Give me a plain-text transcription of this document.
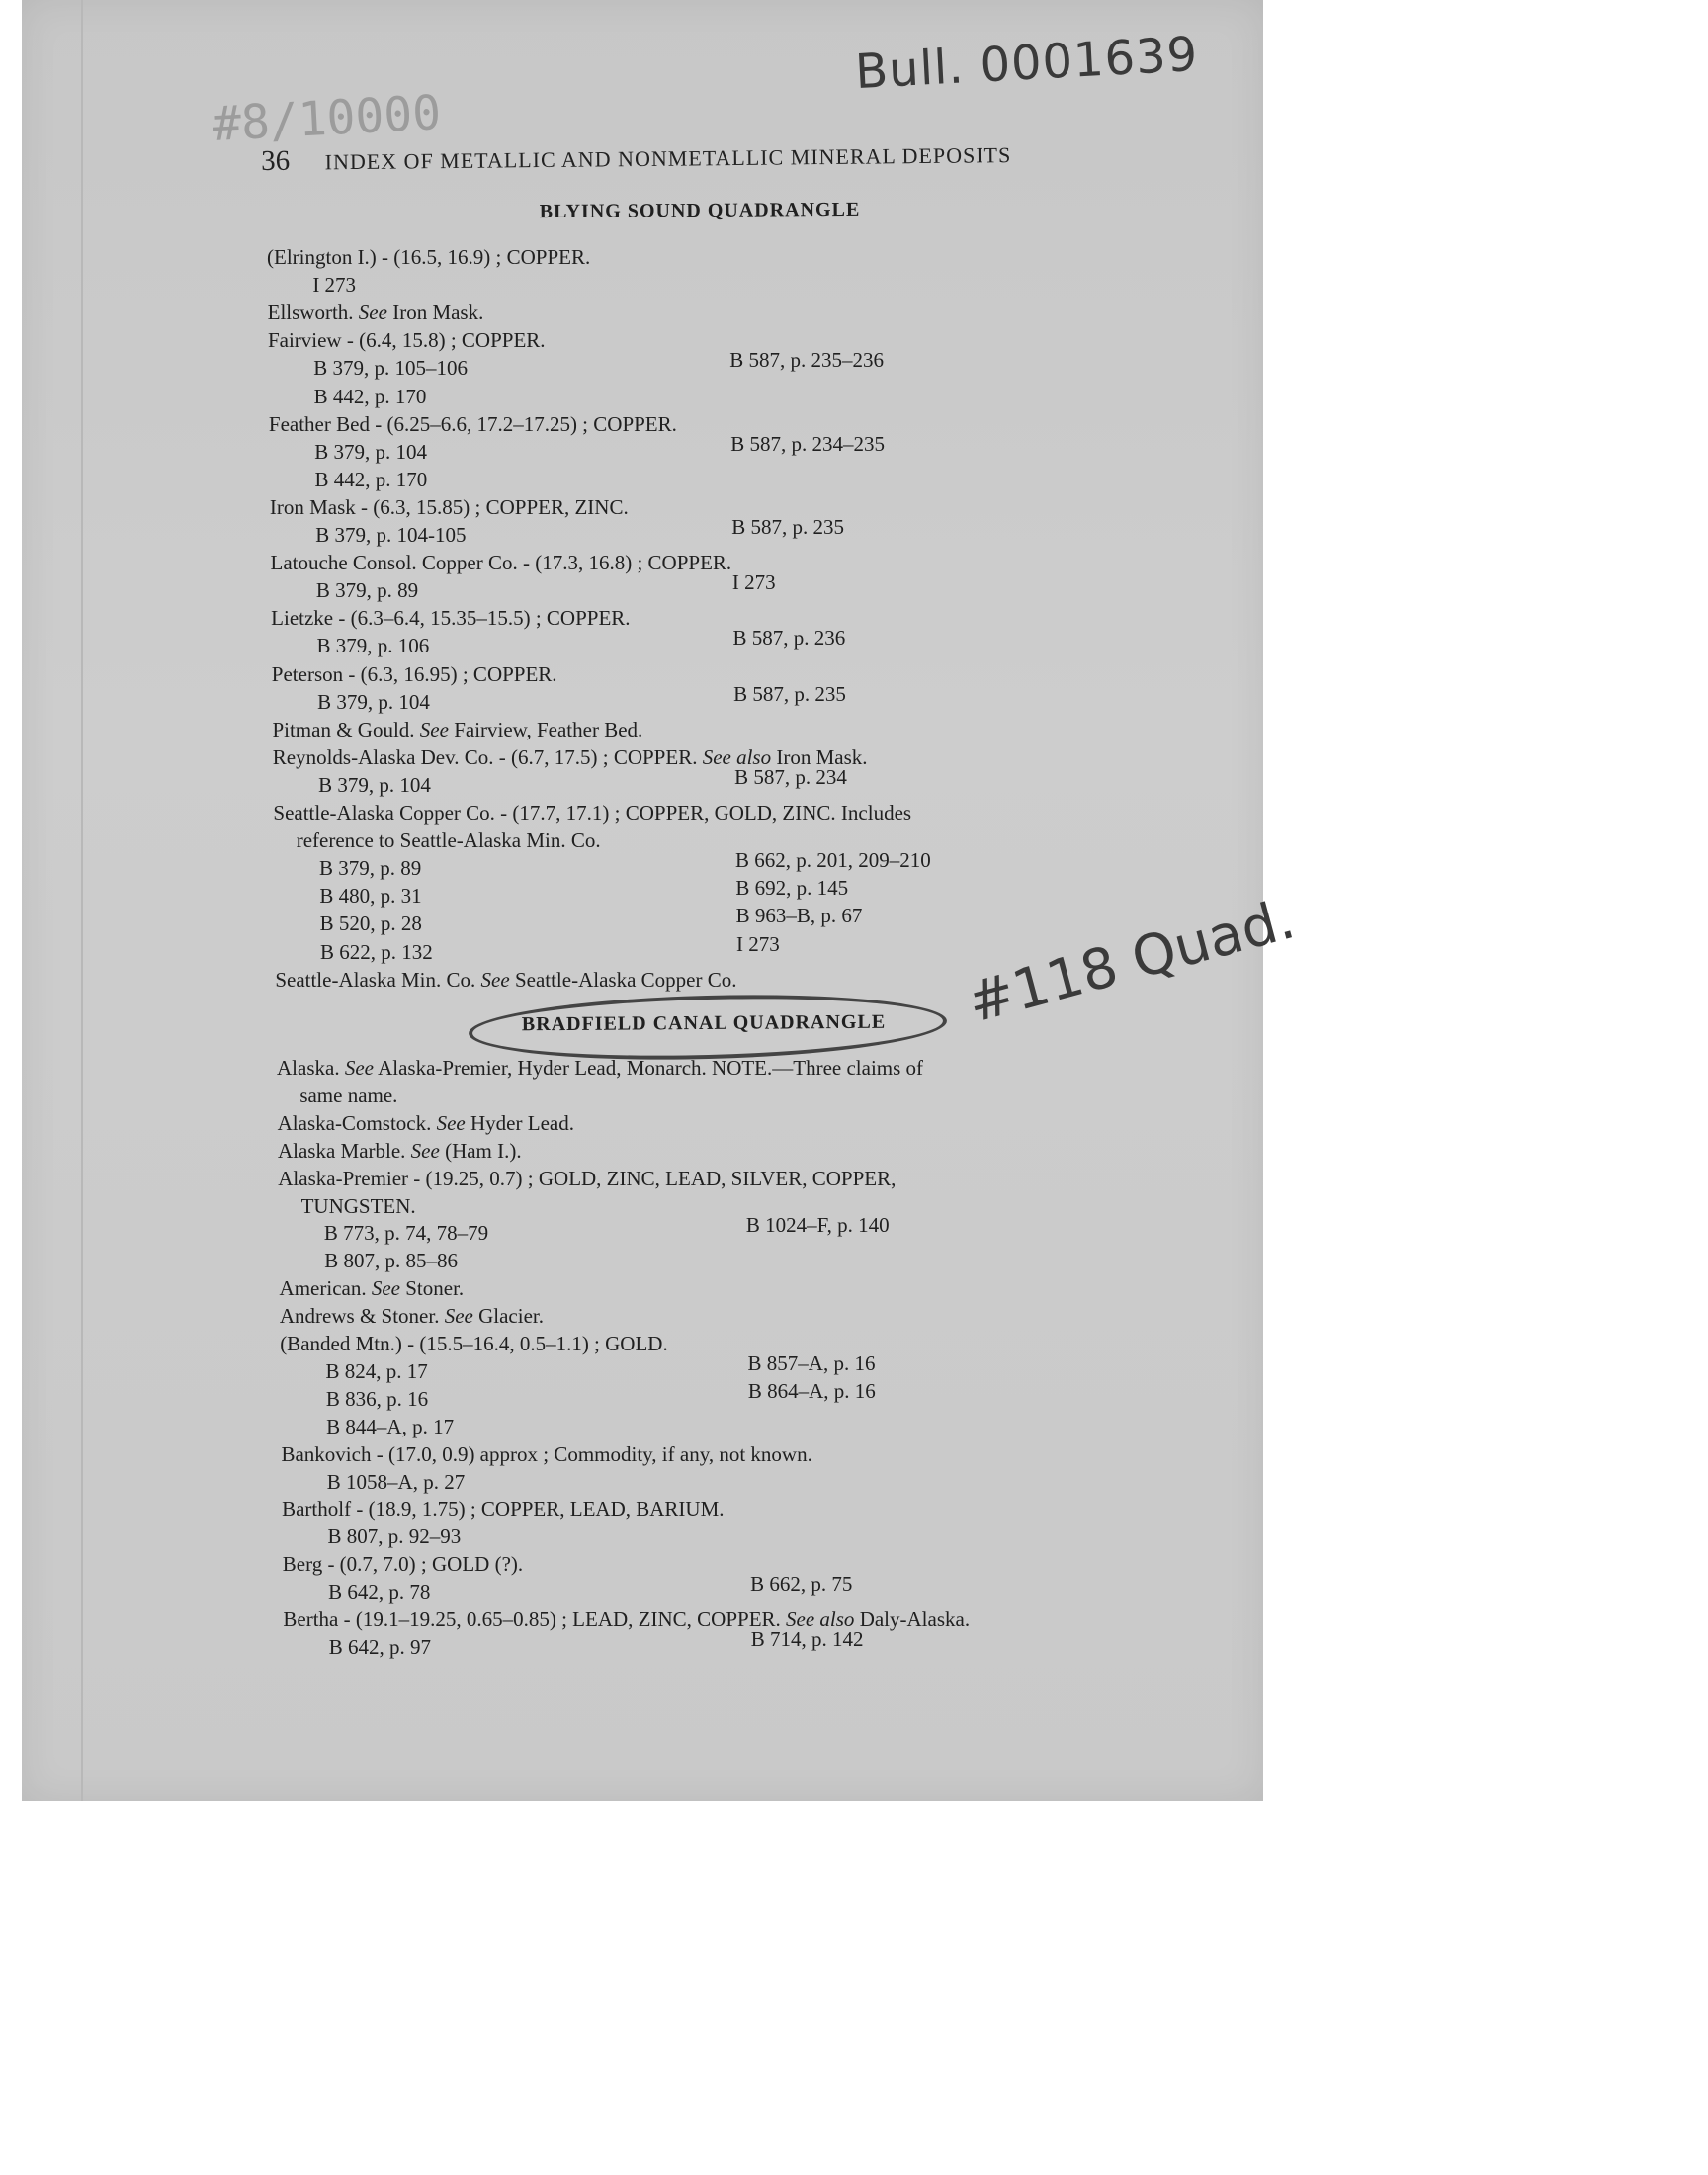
#8/10000
Bull. 0001639
#118 Quad.
36 INDEX OF METALLIC AND NONMETALLIC MINERAL DEPOSITS
BLYING SOUND QUADRANGLE
(Elrington I.) - (16.5, 16.9) ; COPPER.
I 273
Ellsworth. See Iron Mask.
Fairview - (6.4, 15.8) ; COPPER.
B 379, p. 105–106	B 587, p. 235–236
B 442, p. 170
Feather Bed - (6.25–6.6, 17.2–17.25) ; COPPER.
B 379, p. 104	B 587, p. 234–235
B 442, p. 170
Iron Mask - (6.3, 15.85) ; COPPER, ZINC.
B 379, p. 104-105	B 587, p. 235
Latouche Consol. Copper Co. - (17.3, 16.8) ; COPPER.
B 379, p. 89	I 273
Lietzke - (6.3–6.4, 15.35–15.5) ; COPPER.
B 379, p. 106	B 587, p. 236
Peterson - (6.3, 16.95) ; COPPER.
B 379, p. 104	B 587, p. 235
Pitman & Gould. See Fairview, Feather Bed.
Reynolds-Alaska Dev. Co. - (6.7, 17.5) ; COPPER. See also Iron Mask.
B 379, p. 104	B 587, p. 234
Seattle-Alaska Copper Co. - (17.7, 17.1) ; COPPER, GOLD, ZINC. Includes
reference to Seattle-Alaska Min. Co.
B 379, p. 89	B 662, p. 201, 209–210
B 480, p. 31	B 692, p. 145
B 520, p. 28	B 963–B, p. 67
B 622, p. 132	I 273
Seattle-Alaska Min. Co. See Seattle-Alaska Copper Co.
BRADFIELD CANAL QUADRANGLE
Alaska. See Alaska-Premier, Hyder Lead, Monarch. NOTE.—Three claims of
same name.
Alaska-Comstock. See Hyder Lead.
Alaska Marble. See (Ham I.).
Alaska-Premier - (19.25, 0.7) ; GOLD, ZINC, LEAD, SILVER, COPPER,
TUNGSTEN.
B 773, p. 74, 78–79	B 1024–F, p. 140
B 807, p. 85–86
American. See Stoner.
Andrews & Stoner. See Glacier.
(Banded Mtn.) - (15.5–16.4, 0.5–1.1) ; GOLD.
B 824, p. 17	B 857–A, p. 16
B 836, p. 16	B 864–A, p. 16
B 844–A, p. 17
Bankovich - (17.0, 0.9) approx ; Commodity, if any, not known.
B 1058–A, p. 27
Bartholf - (18.9, 1.75) ; COPPER, LEAD, BARIUM.
B 807, p. 92–93
Berg - (0.7, 7.0) ; GOLD (?).
B 642, p. 78	B 662, p. 75
Bertha - (19.1–19.25, 0.65–0.85) ; LEAD, ZINC, COPPER. See also Daly-Alaska.
B 642, p. 97	B 714, p. 142
